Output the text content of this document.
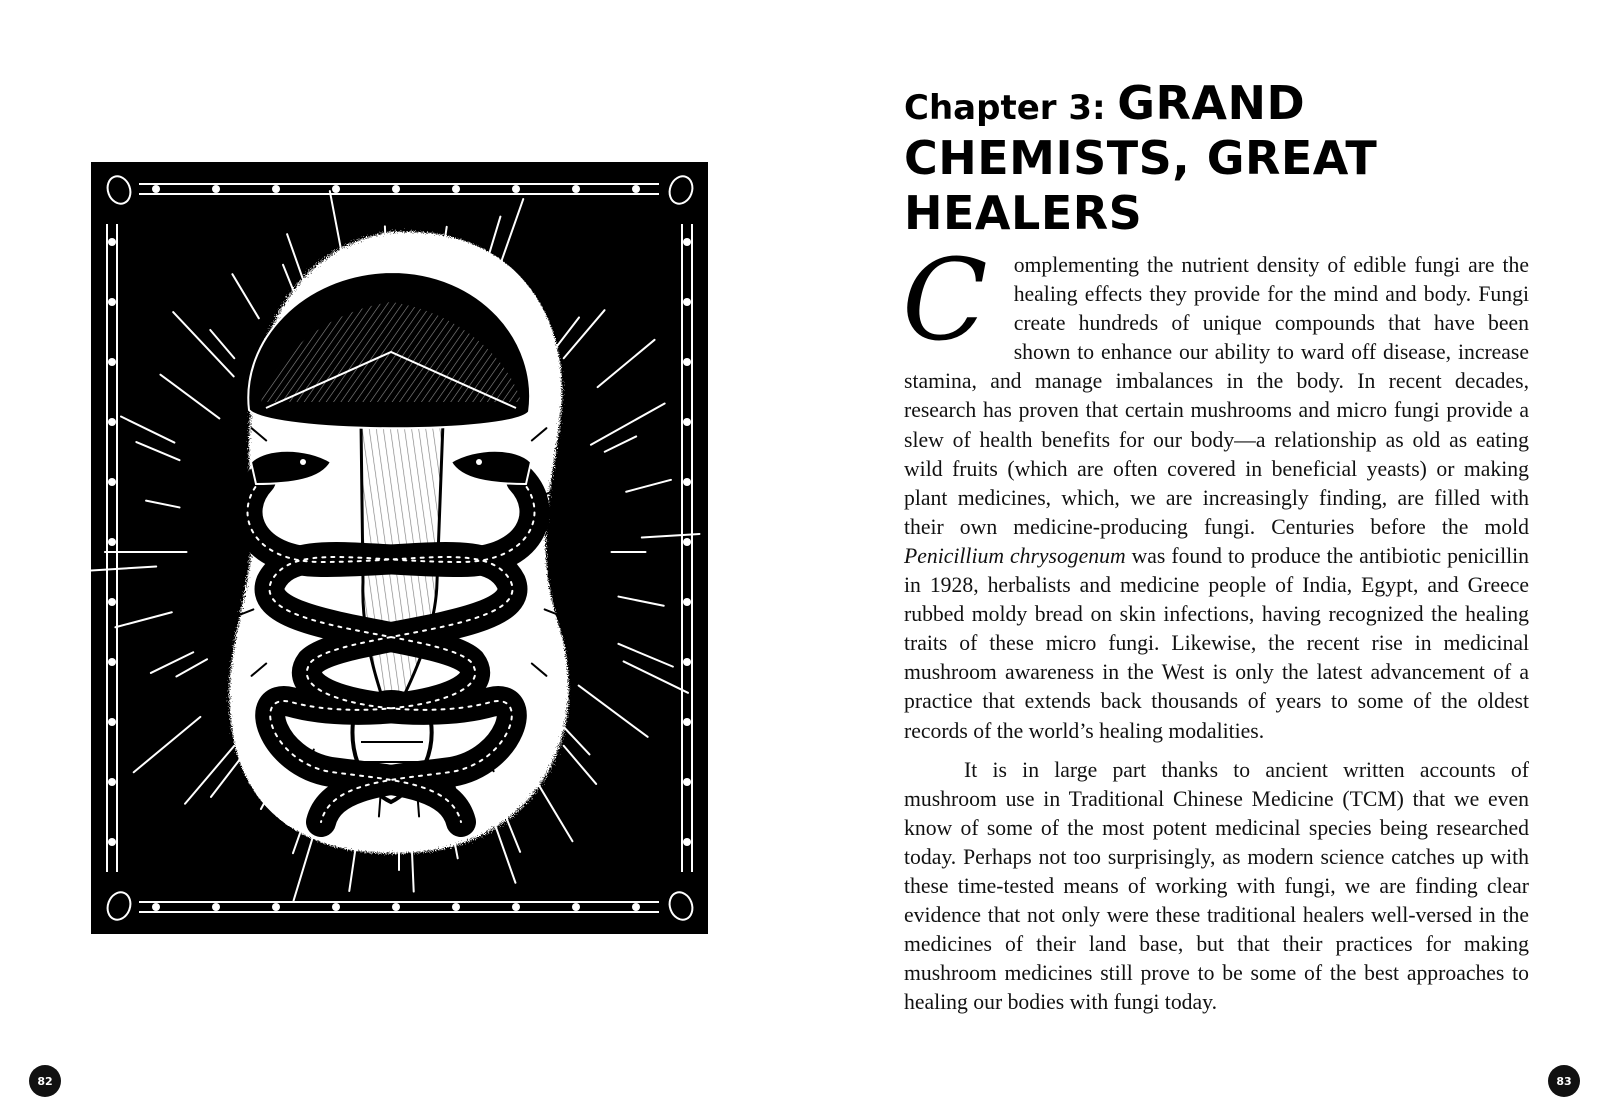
Chapter 3: GRAND CHEMISTS, GREAT HEALERS

C omplementing the nutrient density of edible fungi are the healing effects they provide for the mind and body. Fungi create hundreds of unique compounds that have been shown to enhance our ability to ward off disease, increase stamina, and manage imbalances in the body. In recent decades, research has proven that certain mushrooms and micro fungi provide a slew of health benefits for our body—a relationship as old as eating wild fruits (which are often covered in beneficial yeasts) or making plant medicines, which, we are increasingly finding, are filled with their own medicine-producing fungi. Centuries before the mold Penicillium chrysogenum was found to produce the antibiotic penicillin in 1928, herbalists and medicine people of India, Egypt, and Greece rubbed moldy bread on skin infections, having recognized the healing traits of these micro fungi. Likewise, the recent rise in medicinal mushroom awareness in the West is only the latest advancement of a practice that extends back thousands of years to some of the oldest records of the world’s healing modalities.

It is in large part thanks to ancient written accounts of mushroom use in Traditional Chinese Medicine (TCM) that we even know of some of the most potent medicinal species being researched today. Perhaps not too surprisingly, as modern science catches up with these time-tested means of working with fungi, we are finding clear evidence that not only were these traditional healers well-versed in the medicines of their land base, but that their practices for making mushroom medicines still prove to be some of the best approaches to healing our bodies with fungi today.

82	83
